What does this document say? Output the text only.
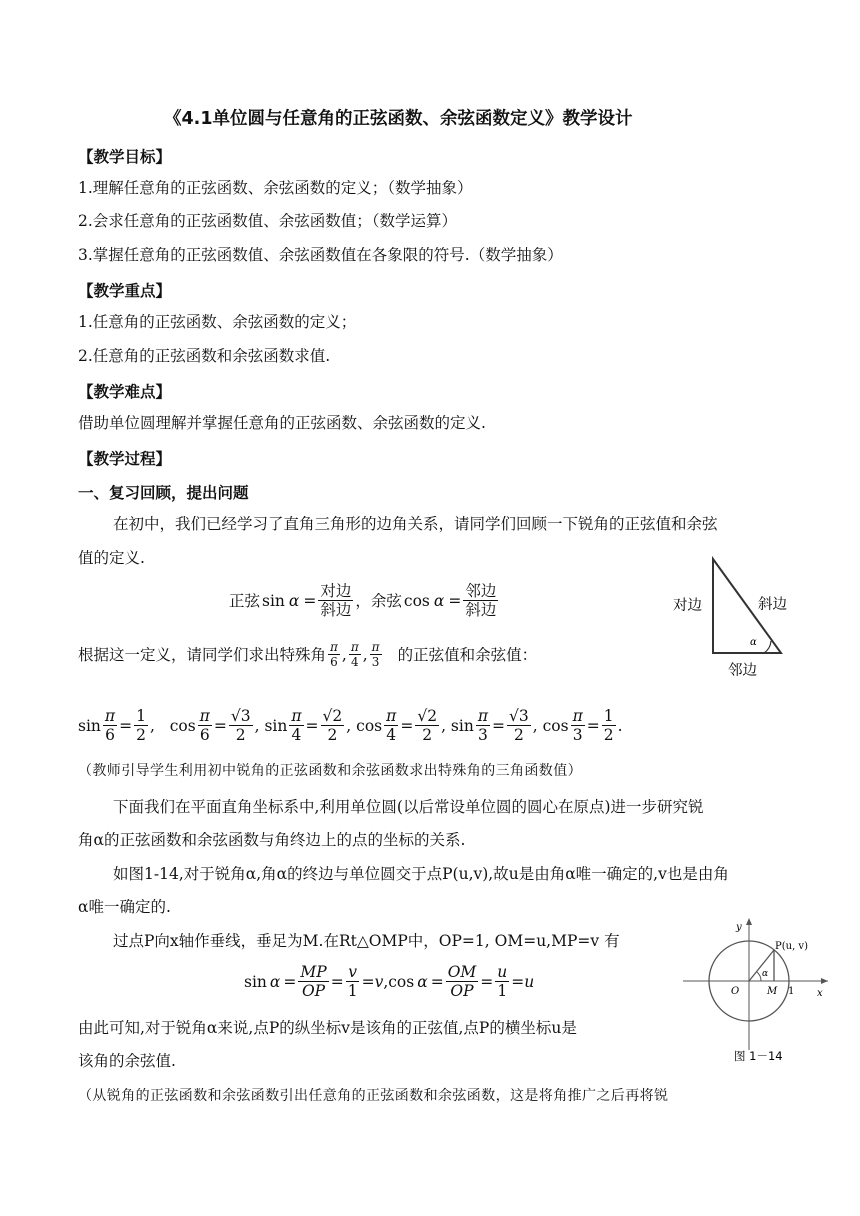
《4.1单位圆与任意角的正弦函数、余弦函数定义》教学设计
【教学目标】
1.理解任意角的正弦函数、余弦函数的定义；（数学抽象）
2.会求任意角的正弦函数值、余弦函数值；（数学运算）
3.掌握任意角的正弦函数值、余弦函数值在各象限的符号.（数学抽象）
【教学重点】
1.任意角的正弦函数、余弦函数的定义；
2.任意角的正弦函数和余弦函数求值.
【教学难点】
借助单位圆理解并掌握任意角的正弦函数、余弦函数的定义.
【教学过程】
一、复习回顾，提出问题
在初中，我们已经学习了直角三角形的边角关系，请同学们回顾一下锐角的正弦值和余弦
值的定义.
正弦 $\sin \alpha = \frac{\text{对边}}{\text{斜边}}$ ，余弦 $\cos \alpha = \frac{\text{邻边}}{\text{斜边}}$	对边	斜边
邻边
α
根据这一定义，请同学们求出特殊角 $\frac{\pi}{6}$ , $\frac{\pi}{4}$ , $\frac{\pi}{3}$ 的正弦值和余弦值：
$\sin \frac{\pi}{6} = \frac{1}{2}$ , $\cos \frac{\pi}{6} = \frac{√3}{2}$ , $\sin \frac{\pi}{4} = \frac{√2}{2}$ , $\cos \frac{\pi}{4} = \frac{√2}{2}$ , $\sin \frac{\pi}{3} = \frac{√3}{2}$ , $\cos \frac{\pi}{3} = \frac{1}{2}$ .
（教师引导学生利用初中锐角的正弦函数和余弦函数求出特殊角的三角函数值）
下面我们在平面直角坐标系中,利用单位圆(以后常设单位圆的圆心在原点)进一步研究锐
角α的正弦函数和余弦函数与角终边上的点的坐标的关系.
如图1-14,对于锐角α,角α的终边与单位圆交于点P(u,v),故u是由角α唯一确定的,v也是由角
α唯一确定的.
过点P向x轴作垂线，垂足为M.在Rt△OMP中，OP=1, OM=u,MP=v 有
$\sin \alpha = \frac{MP}{OP} = \frac{v}{1} = v$ ,cos $\alpha = \frac{OM}{OP} = \frac{u}{1} = u$
由此可知,对于锐角α来说,点P的纵坐标v是该角的正弦值,点P的横坐标u是
该角的余弦值.
y
x
P(u, v)
O	M 1
α
图 1－14
（从锐角的正弦函数和余弦函数引出任意角的正弦函数和余弦函数，这是将角推广之后再将锐
